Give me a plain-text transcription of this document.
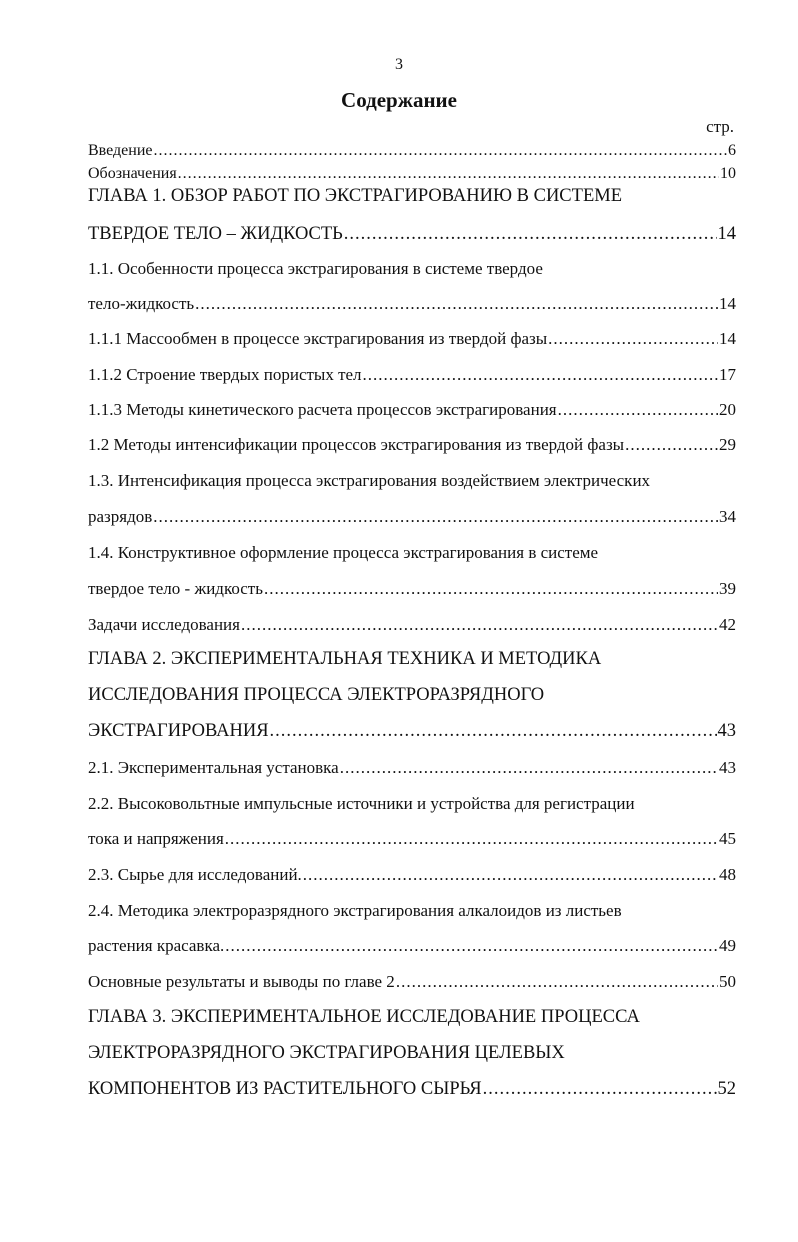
3
Содержание
стр.
Введение .....	6
Обозначения .....	10
ГЛАВА 1. ОБЗОР РАБОТ ПО ЭКСТРАГИРОВАНИЮ В СИСТЕМЕ
ТВЕРДОЕ ТЕЛО – ЖИДКОСТЬ .....	14
1.1. Особенности процесса экстрагирования в системе твердое
тело-жидкость .....	14
1.1.1 Массообмен в процессе экстрагирования из твердой фазы .....	14
1.1.2 Строение твердых пористых тел .....	17
1.1.3 Методы кинетического расчета процессов экстрагирования .....	20
1.2 Методы интенсификации процессов экстрагирования из твердой фазы .....	29
1.3. Интенсификация процесса экстрагирования воздействием электрических
разрядов .....	34
1.4. Конструктивное оформление процесса экстрагирования в системе
твердое тело - жидкость .....	39
Задачи исследования .....	42
ГЛАВА 2. ЭКСПЕРИМЕНТАЛЬНАЯ ТЕХНИКА И МЕТОДИКА
ИССЛЕДОВАНИЯ ПРОЦЕССА ЭЛЕКТРОРАЗРЯДНОГО
ЭКСТРАГИРОВАНИЯ .....	43
2.1. Экспериментальная установка .....	43
2.2. Высоковольтные импульсные источники и устройства для регистрации
тока и напряжения .....	45
2.3. Сырье для исследований. .....	48
2.4. Методика электроразрядного экстрагирования алкалоидов из листьев
растения красавка. .....	49
Основные результаты и выводы по главе 2 .....	50
ГЛАВА 3. ЭКСПЕРИМЕНТАЛЬНОЕ ИССЛЕДОВАНИЕ ПРОЦЕССА
ЭЛЕКТРОРАЗРЯДНОГО ЭКСТРАГИРОВАНИЯ ЦЕЛЕВЫХ
КОМПОНЕНТОВ ИЗ РАСТИТЕЛЬНОГО СЫРЬЯ .....	52
